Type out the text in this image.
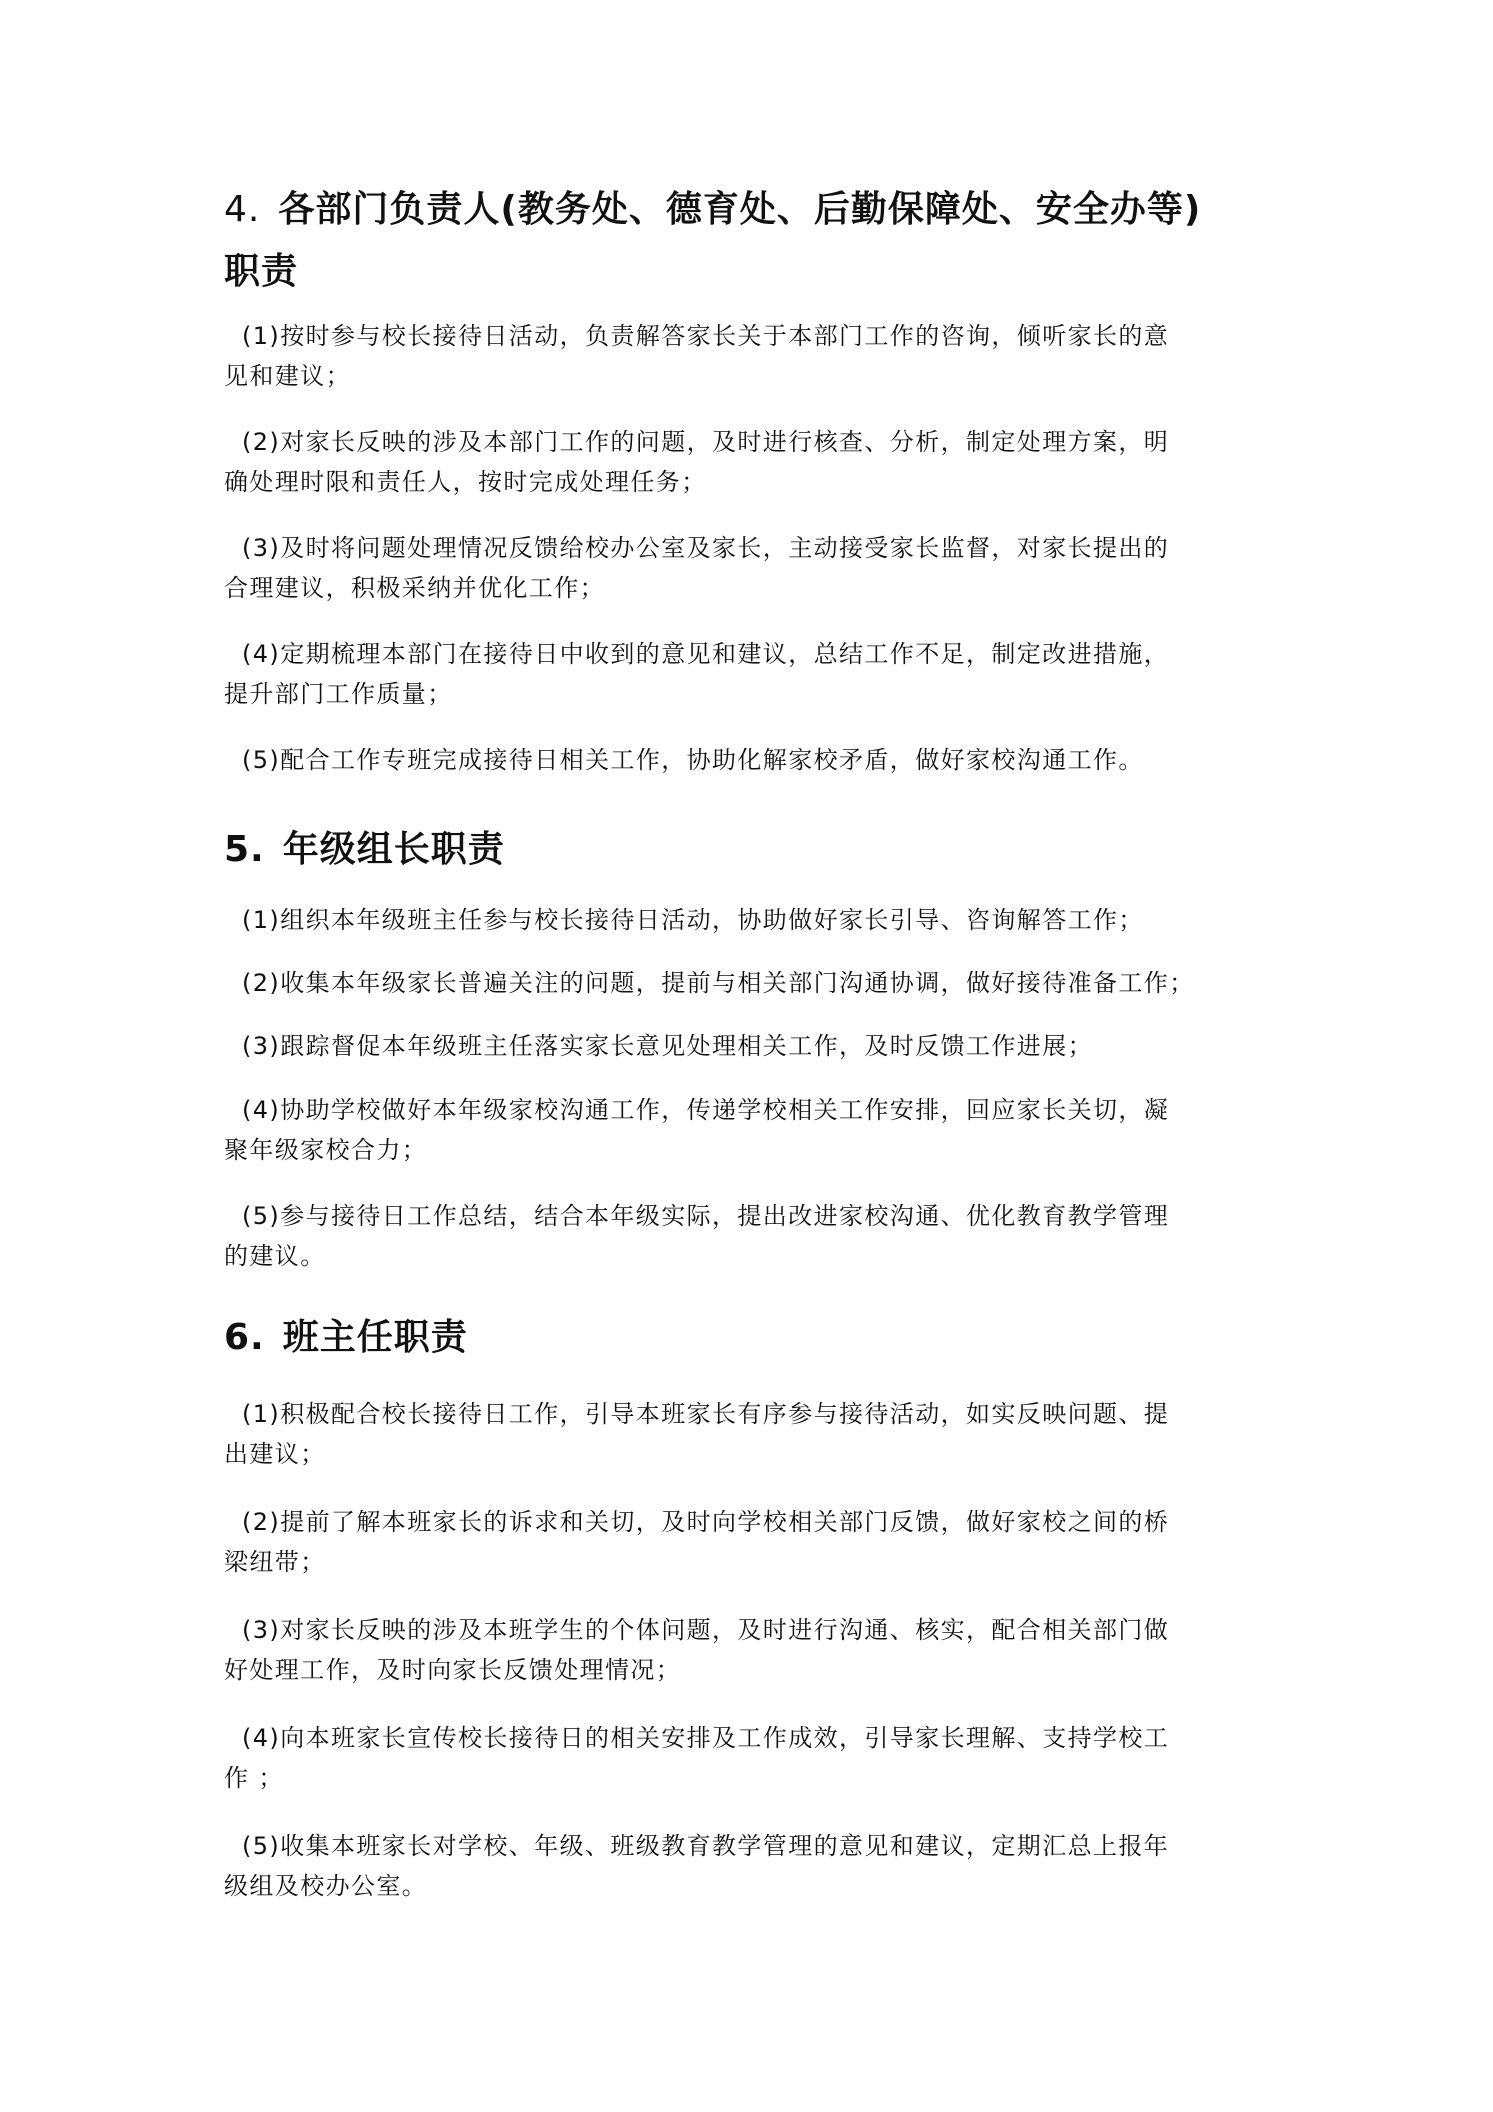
4. 各部门负责人(教务处、德育处、后勤保障处、安全办等)
职责

(1)按时参与校长接待日活动，负责解答家长关于本部门工作的咨询，倾听家长的意
见和建议；

(2)对家长反映的涉及本部门工作的问题，及时进行核查、分析，制定处理方案，明
确处理时限和责任人，按时完成处理任务；

(3)及时将问题处理情况反馈给校办公室及家长，主动接受家长监督，对家长提出的
合理建议，积极采纳并优化工作；

(4)定期梳理本部门在接待日中收到的意见和建议，总结工作不足，制定改进措施，
提升部门工作质量；

(5)配合工作专班完成接待日相关工作，协助化解家校矛盾，做好家校沟通工作。

5. 年级组长职责

(1)组织本年级班主任参与校长接待日活动，协助做好家长引导、咨询解答工作；

(2)收集本年级家长普遍关注的问题，提前与相关部门沟通协调，做好接待准备工作；

(3)跟踪督促本年级班主任落实家长意见处理相关工作，及时反馈工作进展；

(4)协助学校做好本年级家校沟通工作，传递学校相关工作安排，回应家长关切，凝
聚年级家校合力；

(5)参与接待日工作总结，结合本年级实际，提出改进家校沟通、优化教育教学管理
的建议。

6. 班主任职责

(1)积极配合校长接待日工作，引导本班家长有序参与接待活动，如实反映问题、提
出建议；

(2)提前了解本班家长的诉求和关切，及时向学校相关部门反馈，做好家校之间的桥
梁纽带；

(3)对家长反映的涉及本班学生的个体问题，及时进行沟通、核实，配合相关部门做
好处理工作，及时向家长反馈处理情况；

(4)向本班家长宣传校长接待日的相关安排及工作成效，引导家长理解、支持学校工
作 ；

(5)收集本班家长对学校、年级、班级教育教学管理的意见和建议，定期汇总上报年
级组及校办公室。
